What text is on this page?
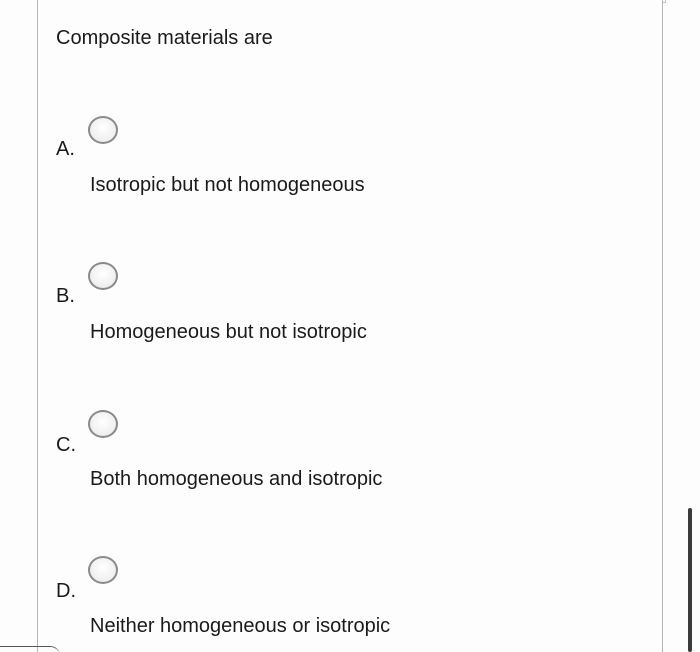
Composite materials are
A.
Isotropic but not homogeneous
B.
Homogeneous but not isotropic
C.
Both homogeneous and isotropic
D.
Neither homogeneous or isotropic
